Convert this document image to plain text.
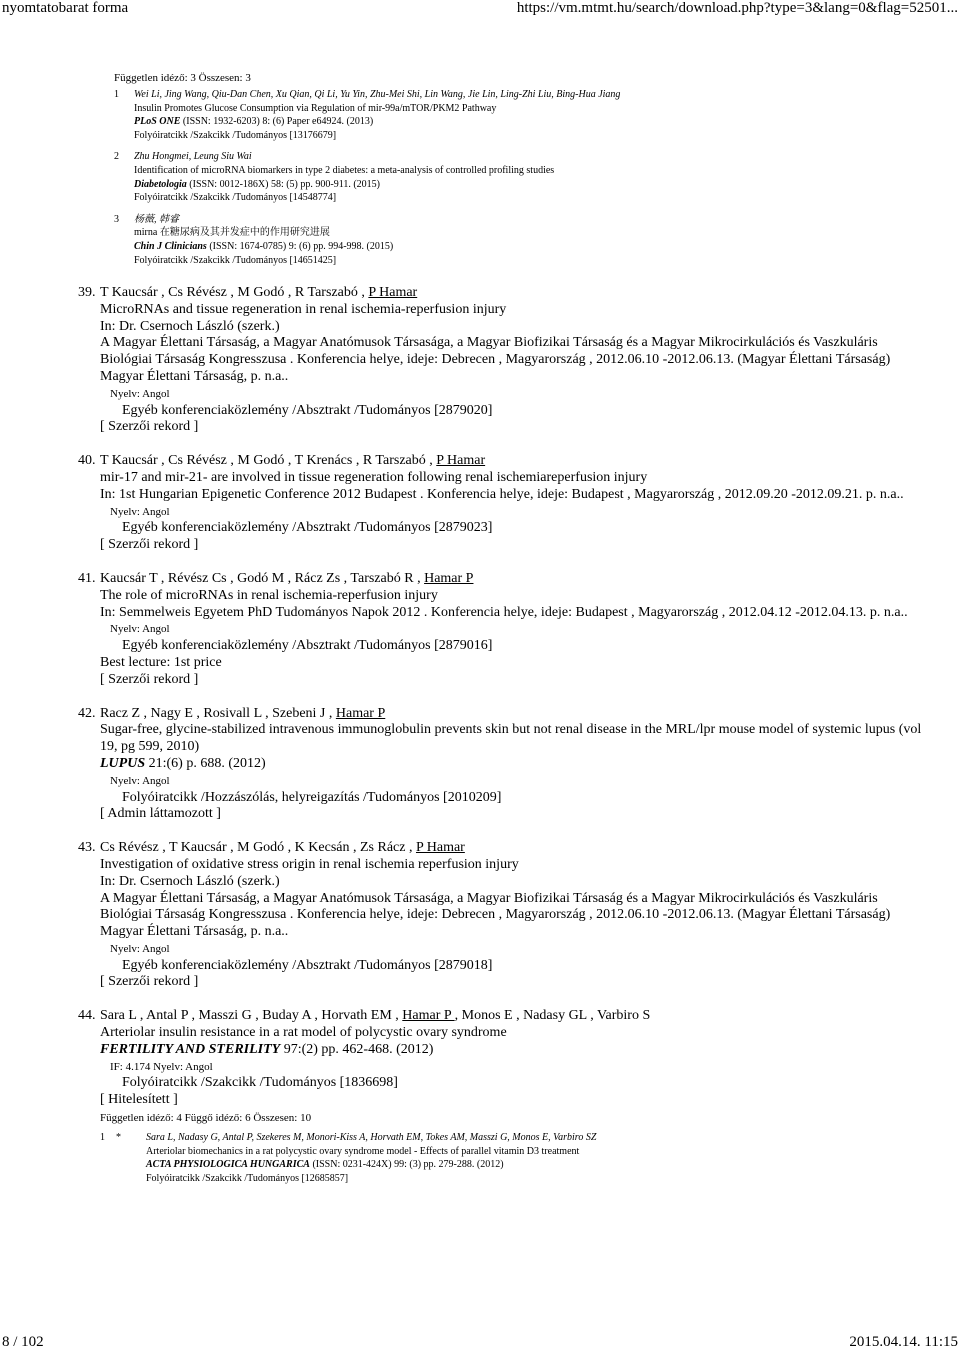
nyomtatobarat forma	https://vm.mtmt.hu/search/download.php?type=3&lang=0&flag=52501...
Független idéző: 3 Összesen: 3
1 Wei Li, Jing Wang, Qiu-Dan Chen, Xu Qian, Qi Li, Yu Yin, Zhu-Mei Shi, Lin Wang, Jie Lin, Ling-Zhi Liu, Bing-Hua Jiang
Insulin Promotes Glucose Consumption via Regulation of mir-99a/mTOR/PKM2 Pathway
PLoS ONE (ISSN: 1932-6203) 8: (6) Paper e64924. (2013)
Folyóiratcikk /Szakcikk /Tudományos [13176679]
2 Zhu Hongmei, Leung Siu Wai
Identification of microRNA biomarkers in type 2 diabetes: a meta-analysis of controlled profiling studies
Diabetologia (ISSN: 0012-186X) 58: (5) pp. 900-911. (2015)
Folyóiratcikk /Szakcikk /Tudományos [14548774]
3 杨薇, 韩睿
mirna 在糖尿病及其并发症中的作用研究进展
Chin J Clinicians (ISSN: 1674-0785) 9: (6) pp. 994-998. (2015)
Folyóiratcikk /Szakcikk /Tudományos [14651425]
39. T Kaucsár , Cs Révész , M Godó , R Tarszabó , P Hamar
MicroRNAs and tissue regeneration in renal ischemia-reperfusion injury
In: Dr. Csernoch László (szerk.)
A Magyar Élettani Társaság, a Magyar Anatómusok Társasága, a Magyar Biofizikai Társaság és a Magyar Mikrocirkulációs és Vaszkuláris Biológiai Társaság Kongresszusa . Konferencia helye, ideje: Debrecen , Magyarország , 2012.06.10 -2012.06.13. (Magyar Élettani Társaság)
Magyar Élettani Társaság, p. n.a..
Nyelv: Angol
Egyéb konferenciaközlemény /Absztrakt /Tudományos [2879020]
[ Szerzői rekord ]
40. T Kaucsár , Cs Révész , M Godó , T Krenács , R Tarszabó , P Hamar
mir-17 and mir-21- are involved in tissue regeneration following renal ischemiareperfusion injury
In: 1st Hungarian Epigenetic Conference 2012 Budapest . Konferencia helye, ideje: Budapest , Magyarország , 2012.09.20 -2012.09.21. p. n.a..
Nyelv: Angol
Egyéb konferenciaközlemény /Absztrakt /Tudományos [2879023]
[ Szerzői rekord ]
41. Kaucsár T , Révész Cs , Godó M , Rácz Zs , Tarszabó R , Hamar P
The role of microRNAs in renal ischemia-reperfusion injury
In: Semmelweis Egyetem PhD Tudományos Napok 2012 . Konferencia helye, ideje: Budapest , Magyarország , 2012.04.12 -2012.04.13. p. n.a..
Nyelv: Angol
Egyéb konferenciaközlemény /Absztrakt /Tudományos [2879016]
Best lecture: 1st price
[ Szerzői rekord ]
42. Racz Z , Nagy E , Rosivall L , Szebeni J , Hamar P
Sugar-free, glycine-stabilized intravenous immunoglobulin prevents skin but not renal disease in the MRL/lpr mouse model of systemic lupus (vol 19, pg 599, 2010)
LUPUS 21:(6) p. 688. (2012)
Nyelv: Angol
Folyóiratcikk /Hozzászólás, helyreigazítás /Tudományos [2010209]
[ Admin láttamozott ]
43. Cs Révész , T Kaucsár , M Godó , K Kecsán , Zs Rácz , P Hamar
Investigation of oxidative stress origin in renal ischemia reperfusion injury
In: Dr. Csernoch László (szerk.)
A Magyar Élettani Társaság, a Magyar Anatómusok Társasága, a Magyar Biofizikai Társaság és a Magyar Mikrocirkulációs és Vaszkuláris Biológiai Társaság Kongresszusa . Konferencia helye, ideje: Debrecen , Magyarország , 2012.06.10 -2012.06.13. (Magyar Élettani Társaság)
Magyar Élettani Társaság, p. n.a..
Nyelv: Angol
Egyéb konferenciaközlemény /Absztrakt /Tudományos [2879018]
[ Szerzői rekord ]
44. Sara L , Antal P , Masszi G , Buday A , Horvath EM , Hamar P , Monos E , Nadasy GL , Varbiro S
Arteriolar insulin resistance in a rat model of polycystic ovary syndrome
FERTILITY AND STERILITY 97:(2) pp. 462-468. (2012)
IF: 4.174 Nyelv: Angol
Folyóiratcikk /Szakcikk /Tudományos [1836698]
[ Hitelesített ]
Független idéző: 4 Függő idéző: 6 Összesen: 10
1 *	Sara L, Nadasy G, Antal P, Szekeres M, Monori-Kiss A, Horvath EM, Tokes AM, Masszi G, Monos E, Varbiro SZ
Arteriolar biomechanics in a rat polycystic ovary syndrome model - Effects of parallel vitamin D3 treatment
ACTA PHYSIOLOGICA HUNGARICA (ISSN: 0231-424X) 99: (3) pp. 279-288. (2012)
Folyóiratcikk /Szakcikk /Tudományos [12685857]
8 / 102	2015.04.14. 11:15
